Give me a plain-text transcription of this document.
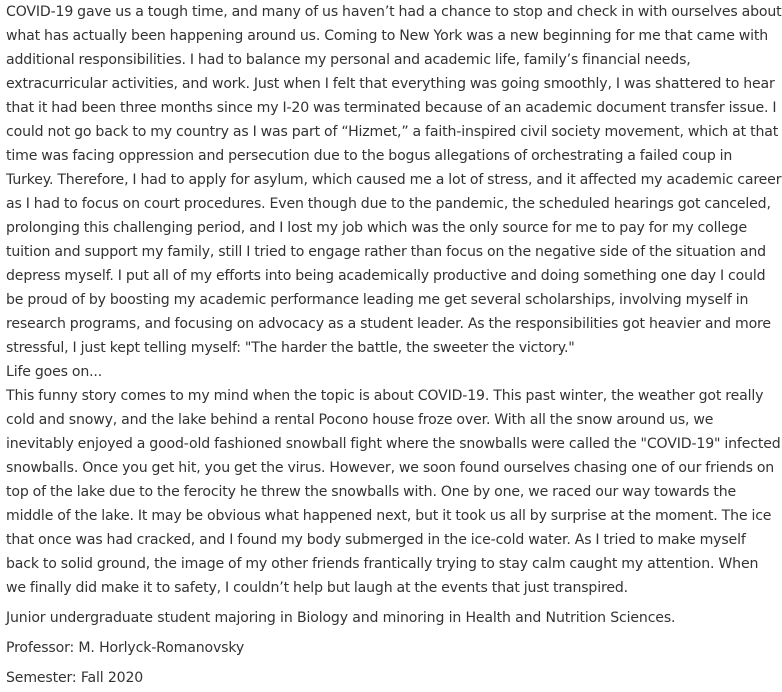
COVID-19 gave us a tough time, and many of us haven’t had a chance to stop and check in with ourselves about what has actually been happening around us. Coming to New York was a new beginning for me that came with additional responsibilities. I had to balance my personal and academic life, family’s financial needs, extracurricular activities, and work. Just when I felt that everything was going smoothly, I was shattered to hear that it had been three months since my I-20 was terminated because of an academic document transfer issue. I could not go back to my country as I was part of “Hizmet,” a faith-inspired civil society movement, which at that time was facing oppression and persecution due to the bogus allegations of orchestrating a failed coup in Turkey. Therefore, I had to apply for asylum, which caused me a lot of stress, and it affected my academic career as I had to focus on court procedures. Even though due to the pandemic, the scheduled hearings got canceled, prolonging this challenging period, and I lost my job which was the only source for me to pay for my college tuition and support my family, still I tried to engage rather than focus on the negative side of the situation and depress myself. I put all of my efforts into being academically productive and doing something one day I could be proud of by boosting my academic performance leading me get several scholarships, involving myself in research programs, and focusing on advocacy as a student leader. As the responsibilities got heavier and more stressful, I just kept telling myself: "The harder the battle, the sweeter the victory."

Life goes on...

This funny story comes to my mind when the topic is about COVID-19. This past winter, the weather got really cold and snowy, and the lake behind a rental Pocono house froze over. With all the snow around us, we inevitably enjoyed a good-old fashioned snowball fight where the snowballs were called the "COVID-19" infected snowballs. Once you get hit, you get the virus. However, we soon found ourselves chasing one of our friends on top of the lake due to the ferocity he threw the snowballs with. One by one, we raced our way towards the middle of the lake. It may be obvious what happened next, but it took us all by surprise at the moment. The ice that once was had cracked, and I found my body submerged in the ice-cold water. As I tried to make myself back to solid ground, the image of my other friends frantically trying to stay calm caught my attention. When we finally did make it to safety, I couldn’t help but laugh at the events that just transpired.

Junior undergraduate student majoring in Biology and minoring in Health and Nutrition Sciences.

Professor: M. Horlyck-Romanovsky

Semester: Fall 2020
